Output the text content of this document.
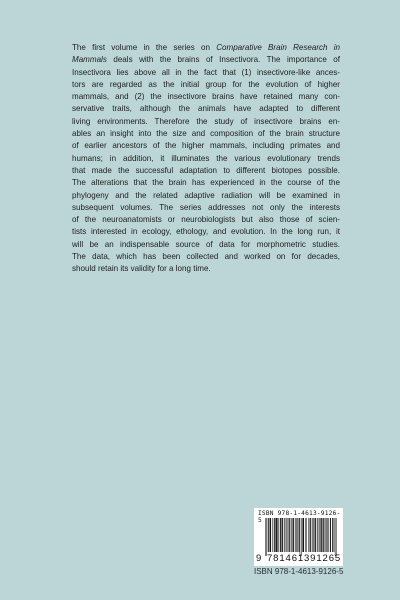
The first volume in the series on Comparative Brain Research in
Mammals deals with the brains of Insectivora. The importance of
Insectivora lies above all in the fact that (1) insectivore-like ances-
tors are regarded as the initial group for the evolution of higher
mammals, and (2) the insectivore brains have retained many con-
servative traits, although the animals have adapted to different
living environments. Therefore the study of insectivore brains en-
ables an insight into the size and composition of the brain structure
of earlier ancestors of the higher mammals, including primates and
humans; in addition, it illuminates the various evolutionary trends
that made the successful adaptation to different biotopes possible.
The alterations that the brain has experienced in the course of the
phylogeny and the related adaptive radiation will be examined in
subsequent volumes. The series addresses not only the interests
of the neuroanatomists or neurobiologists but also those of scien-
tists interested in ecology, ethology, and evolution. In the long run, it
will be an indispensable source of data for morphometric studies.
The data, which has been collected and worked on for decades,
should retain its validity for a long time.
ISBN 978-1-4613-9126-5
9 781461 391265
ISBN 978-1-4613-9126-5
